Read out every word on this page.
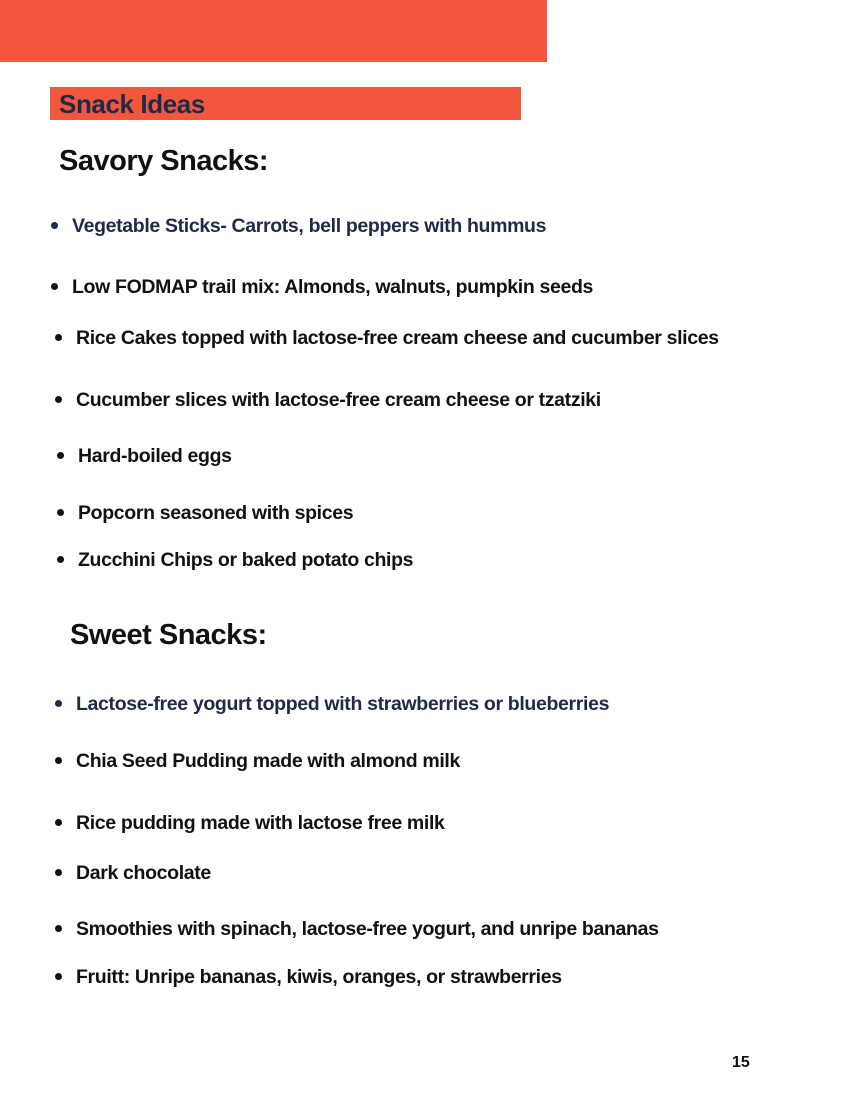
Snack Ideas
Savory Snacks:
Vegetable Sticks- Carrots, bell peppers with hummus
Low FODMAP trail mix: Almonds, walnuts, pumpkin seeds
Rice Cakes topped with lactose-free cream cheese and cucumber slices
Cucumber slices with lactose-free cream cheese or tzatziki
Hard-boiled eggs
Popcorn seasoned with spices
Zucchini Chips or baked potato chips
Sweet Snacks:
Lactose-free yogurt topped with strawberries or blueberries
Chia Seed Pudding made with almond milk
Rice pudding made with lactose free milk
Dark chocolate
Smoothies with spinach, lactose-free yogurt, and unripe bananas
Fruitt: Unripe bananas, kiwis, oranges, or strawberries
15
